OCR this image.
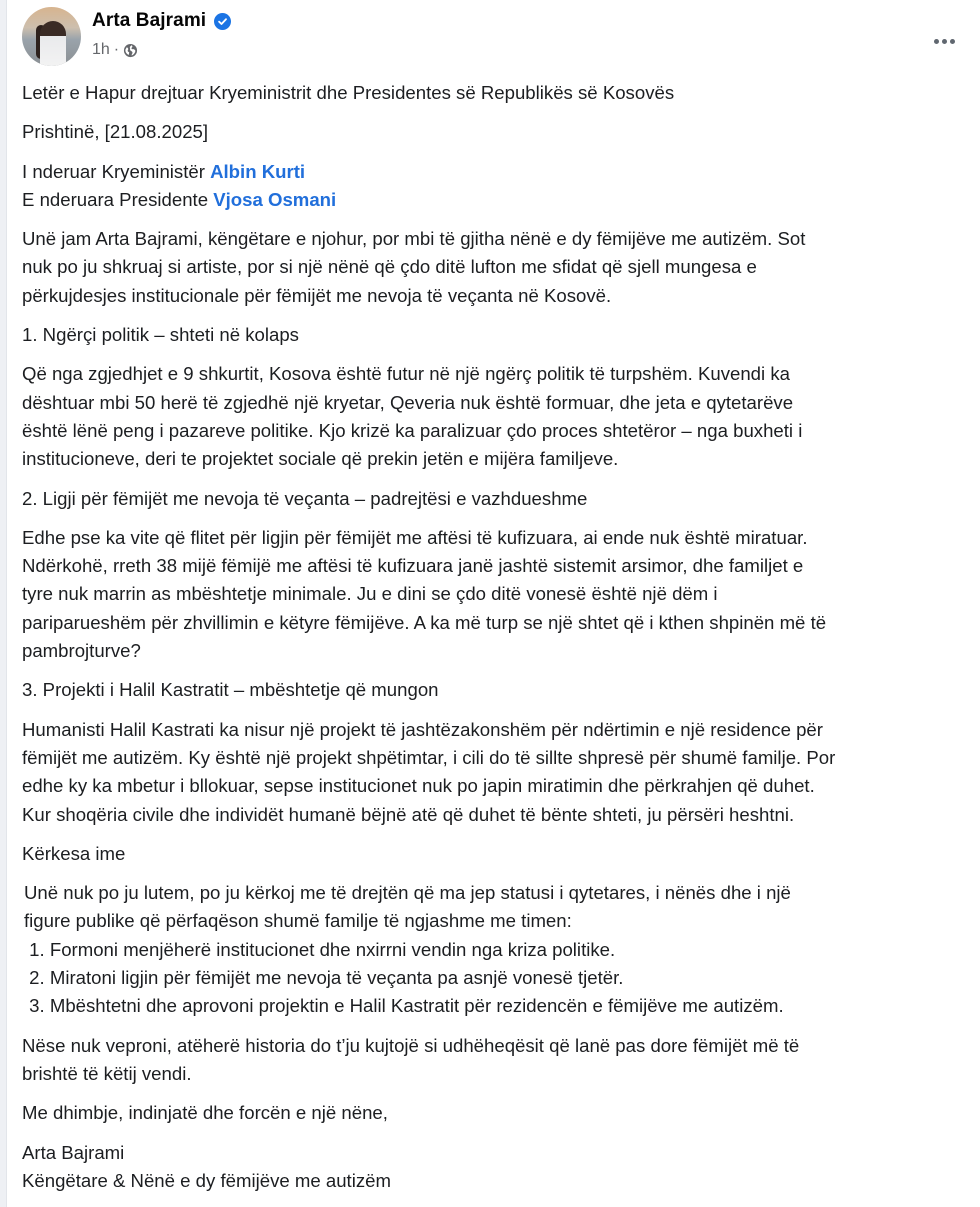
Arta Bajrami
1h ·
Letër e Hapur drejtuar Kryeministrit dhe Presidentes së Republikës së Kosovës
Prishtinë, [21.08.2025]
I nderuar Kryeministër Albin Kurti
E nderuara Presidente Vjosa Osmani
Unë jam Arta Bajrami, këngëtare e njohur, por mbi të gjitha nënë e dy fëmijëve me autizëm. Sot
nuk po ju shkruaj si artiste, por si një nënë që çdo ditë lufton me sfidat që sjell mungesa e
përkujdesjes institucionale për fëmijët me nevoja të veçanta në Kosovë.
1. Ngërçi politik – shteti në kolaps
Që nga zgjedhjet e 9 shkurtit, Kosova është futur në një ngërç politik të turpshëm. Kuvendi ka
dështuar mbi 50 herë të zgjedhë një kryetar, Qeveria nuk është formuar, dhe jeta e qytetarëve
është lënë peng i pazareve politike. Kjo krizë ka paralizuar çdo proces shtetëror – nga buxheti i
institucioneve, deri te projektet sociale që prekin jetën e mijëra familjeve.
2. Ligji për fëmijët me nevoja të veçanta – padrejtësi e vazhdueshme
Edhe pse ka vite që flitet për ligjin për fëmijët me aftësi të kufizuara, ai ende nuk është miratuar.
Ndërkohë, rreth 38 mijë fëmijë me aftësi të kufizuara janë jashtë sistemit arsimor, dhe familjet e
tyre nuk marrin as mbështetje minimale. Ju e dini se çdo ditë vonesë është një dëm i
pariparueshëm për zhvillimin e këtyre fëmijëve. A ka më turp se një shtet që i kthen shpinën më të
pambrojturve?
3. Projekti i Halil Kastratit – mbështetje që mungon
Humanisti Halil Kastrati ka nisur një projekt të jashtëzakonshëm për ndërtimin e një residence për
fëmijët me autizëm. Ky është një projekt shpëtimtar, i cili do të sillte shpresë për shumë familje. Por
edhe ky ka mbetur i bllokuar, sepse institucionet nuk po japin miratimin dhe përkrahjen që duhet.
Kur shoqëria civile dhe individët humanë bëjnë atë që duhet të bënte shteti, ju përsëri heshtni.
Kërkesa ime
Unë nuk po ju lutem, po ju kërkoj me të drejtën që ma jep statusi i qytetares, i nënës dhe i një
figure publike që përfaqëson shumë familje të ngjashme me timen:
1. Formoni menjëherë institucionet dhe nxirrni vendin nga kriza politike.
2. Miratoni ligjin për fëmijët me nevoja të veçanta pa asnjë vonesë tjetër.
3. Mbështetni dhe aprovoni projektin e Halil Kastratit për rezidencën e fëmijëve me autizëm.
Nëse nuk veproni, atëherë historia do t’ju kujtojë si udhëheqësit që lanë pas dore fëmijët më të
brishtë të këtij vendi.
Me dhimbje, indinjatë dhe forcën e një nëne,
Arta Bajrami
Këngëtare & Nënë e dy fëmijëve me autizëm
